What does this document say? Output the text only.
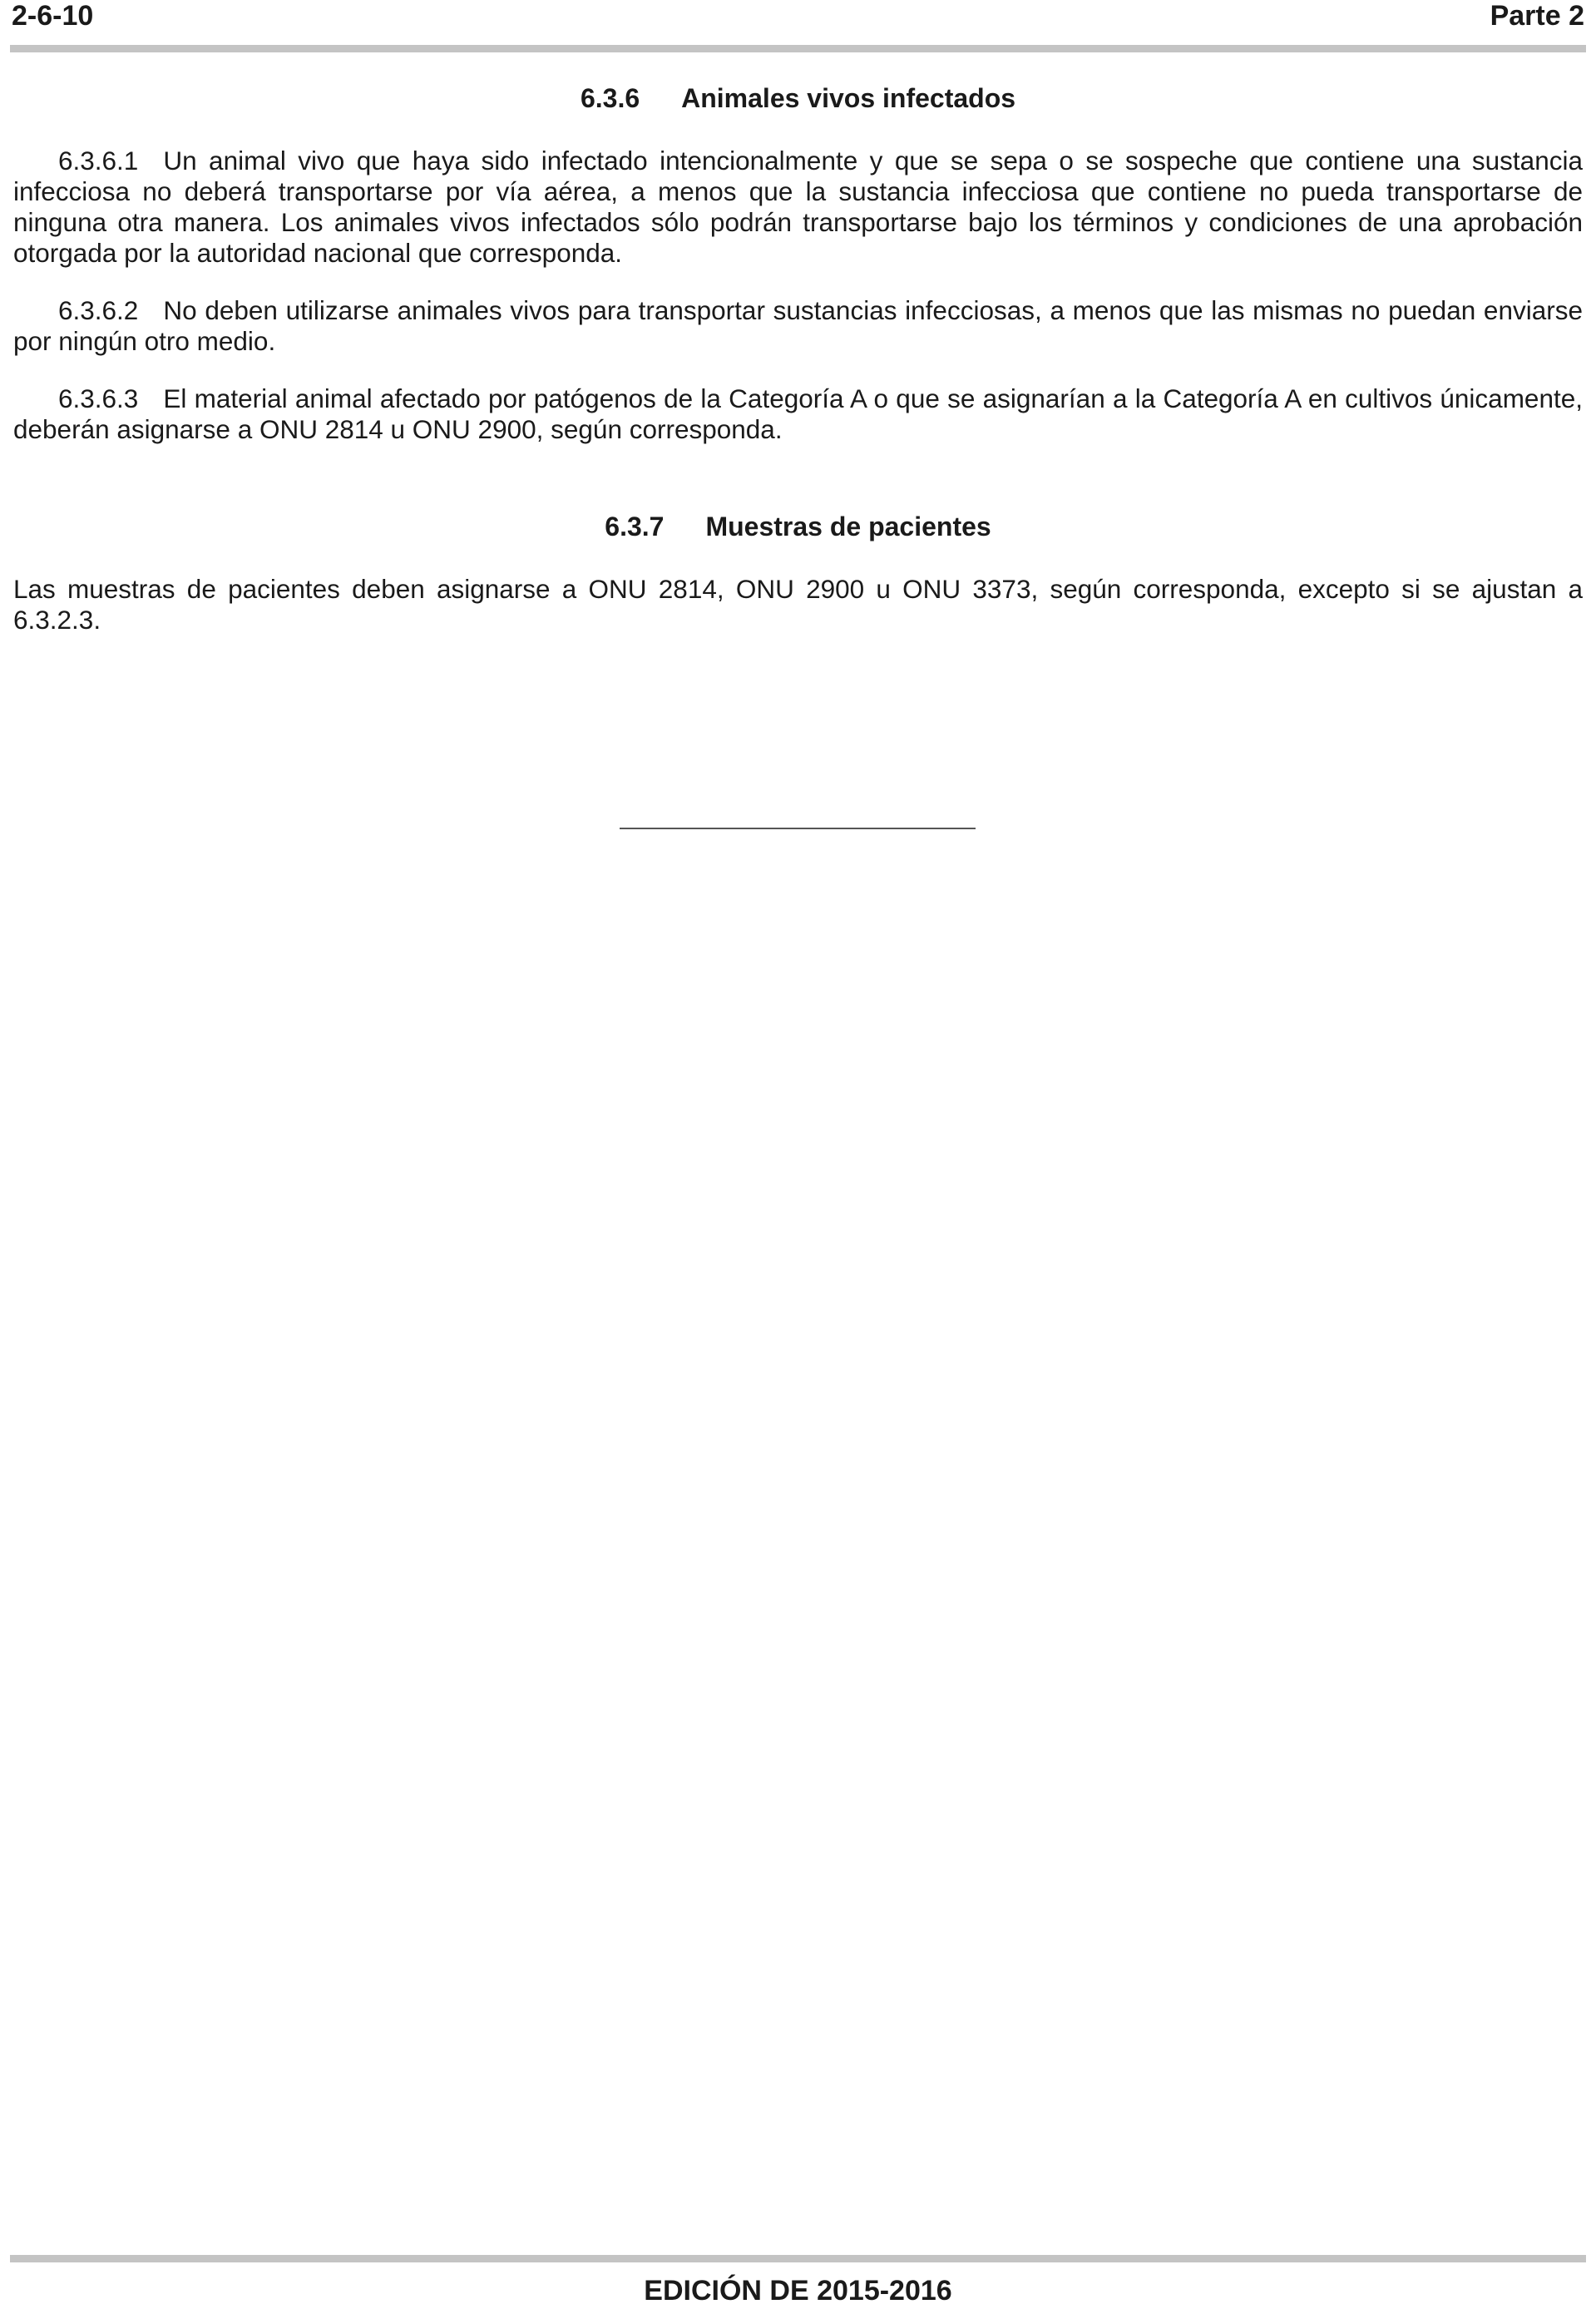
2-6-10	Parte 2
6.3.6 Animales vivos infectados

6.3.6.1 Un animal vivo que haya sido infectado intencionalmente y que se sepa o se sospeche que contiene una sustancia infecciosa no deberá transportarse por vía aérea, a menos que la sustancia infecciosa que contiene no pueda transportarse de ninguna otra manera. Los animales vivos infectados sólo podrán transportarse bajo los términos y condiciones de una aprobación otorgada por la autoridad nacional que corresponda.

6.3.6.2 No deben utilizarse animales vivos para transportar sustancias infecciosas, a menos que las mismas no puedan enviarse por ningún otro medio.

6.3.6.3 El material animal afectado por patógenos de la Categoría A o que se asignarían a la Categoría A en cultivos únicamente, deberán asignarse a ONU 2814 u ONU 2900, según corresponda.

6.3.7 Muestras de pacientes

Las muestras de pacientes deben asignarse a ONU 2814, ONU 2900 u ONU 3373, según corresponda, excepto si se ajustan a 6.3.2.3.

EDICIÓN DE 2015-2016
